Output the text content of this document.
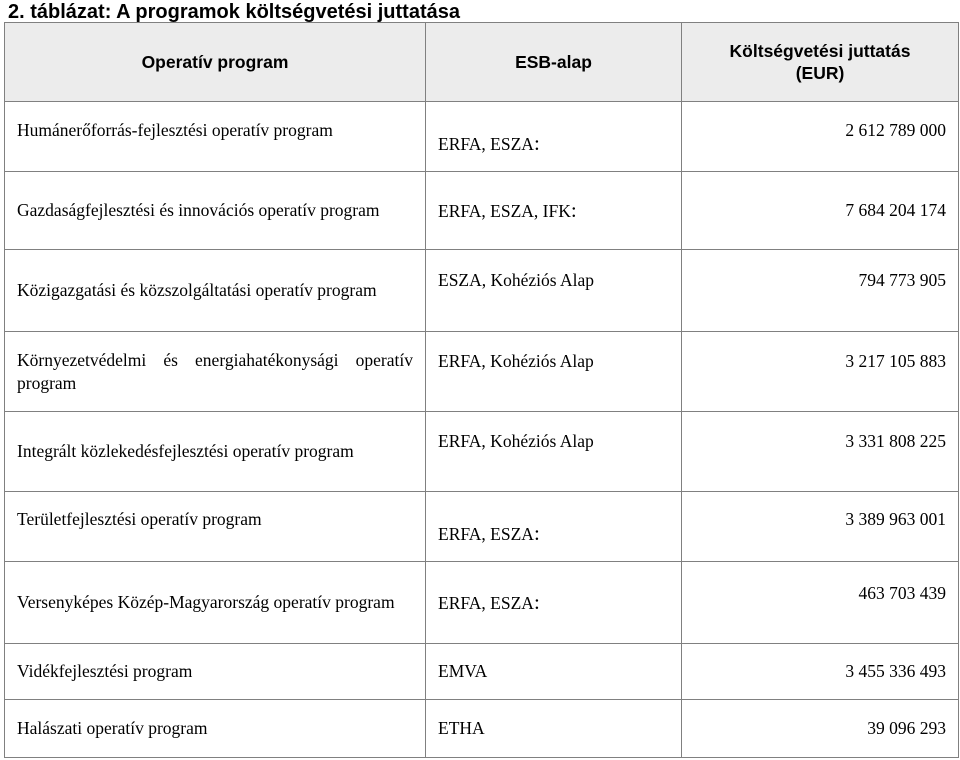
2. táblázat: A programok költségvetési juttatása
Operatív program	ESB-alap	Költségvetési juttatás
(EUR)
Humánerőforrás-fejlesztési operatív program	ERFA, ESZA:	2 612 789 000
Gazdaságfejlesztési és innovációs operatív program	ERFA, ESZA, IFK:	7 684 204 174
Közigazgatási és közszolgáltatási operatív program	ESZA, Kohéziós Alap	794 773 905
Környezetvédelmi és energiahatékonysági operatív program	ERFA, Kohéziós Alap	3 217 105 883
Integrált közlekedésfejlesztési operatív program	ERFA, Kohéziós Alap	3 331 808 225
Területfejlesztési operatív program	ERFA, ESZA:	3 389 963 001
Versenyképes Közép-Magyarország operatív program	ERFA, ESZA:	463 703 439
Vidékfejlesztési program	EMVA	3 455 336 493
Halászati operatív program	ETHA	39 096 293
